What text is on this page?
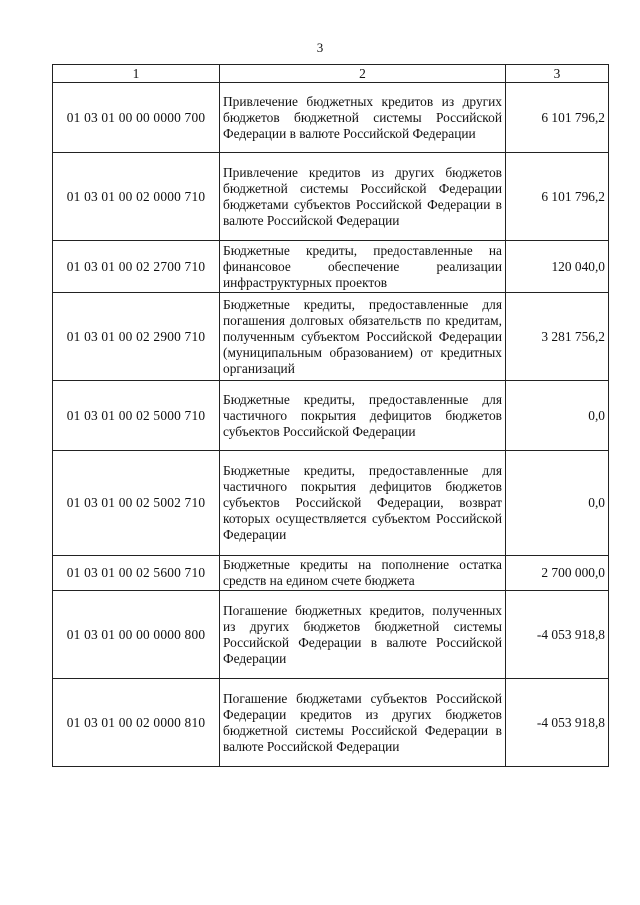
3
1	2	3
01 03 01 00 00 0000 700	Привлечение бюджетных кредитов из других бюджетов бюджетной системы Российской Федерации в валюте Российской Федерации	6 101 796,2
01 03 01 00 02 0000 710	Привлечение кредитов из других бюджетов бюджетной системы Российской Федерации бюджетами субъектов Российской Федерации в валюте Российской Федерации	6 101 796,2
01 03 01 00 02 2700 710	Бюджетные кредиты, предоставленные на финансовое обеспечение реализации инфраструктурных проектов	120 040,0
01 03 01 00 02 2900 710	Бюджетные кредиты, предоставленные для погашения долговых обязательств по кредитам, полученным субъектом Российской Федерации (муниципальным образованием) от кредитных организаций	3 281 756,2
01 03 01 00 02 5000 710	Бюджетные кредиты, предоставленные для частичного покрытия дефицитов бюджетов субъектов Российской Федерации	0,0
01 03 01 00 02 5002 710	Бюджетные кредиты, предоставленные для частичного покрытия дефицитов бюджетов субъектов Российской Федерации, возврат которых осуществляется субъектом Российской Федерации	0,0
01 03 01 00 02 5600 710	Бюджетные кредиты на пополнение остатка средств на едином счете бюджета	2 700 000,0
01 03 01 00 00 0000 800	Погашение бюджетных кредитов, полученных из других бюджетов бюджетной системы Российской Федерации в валюте Российской Федерации	-4 053 918,8
01 03 01 00 02 0000 810	Погашение бюджетами субъектов Российской Федерации кредитов из других бюджетов бюджетной системы Российской Федерации в валюте Российской Федерации	-4 053 918,8
